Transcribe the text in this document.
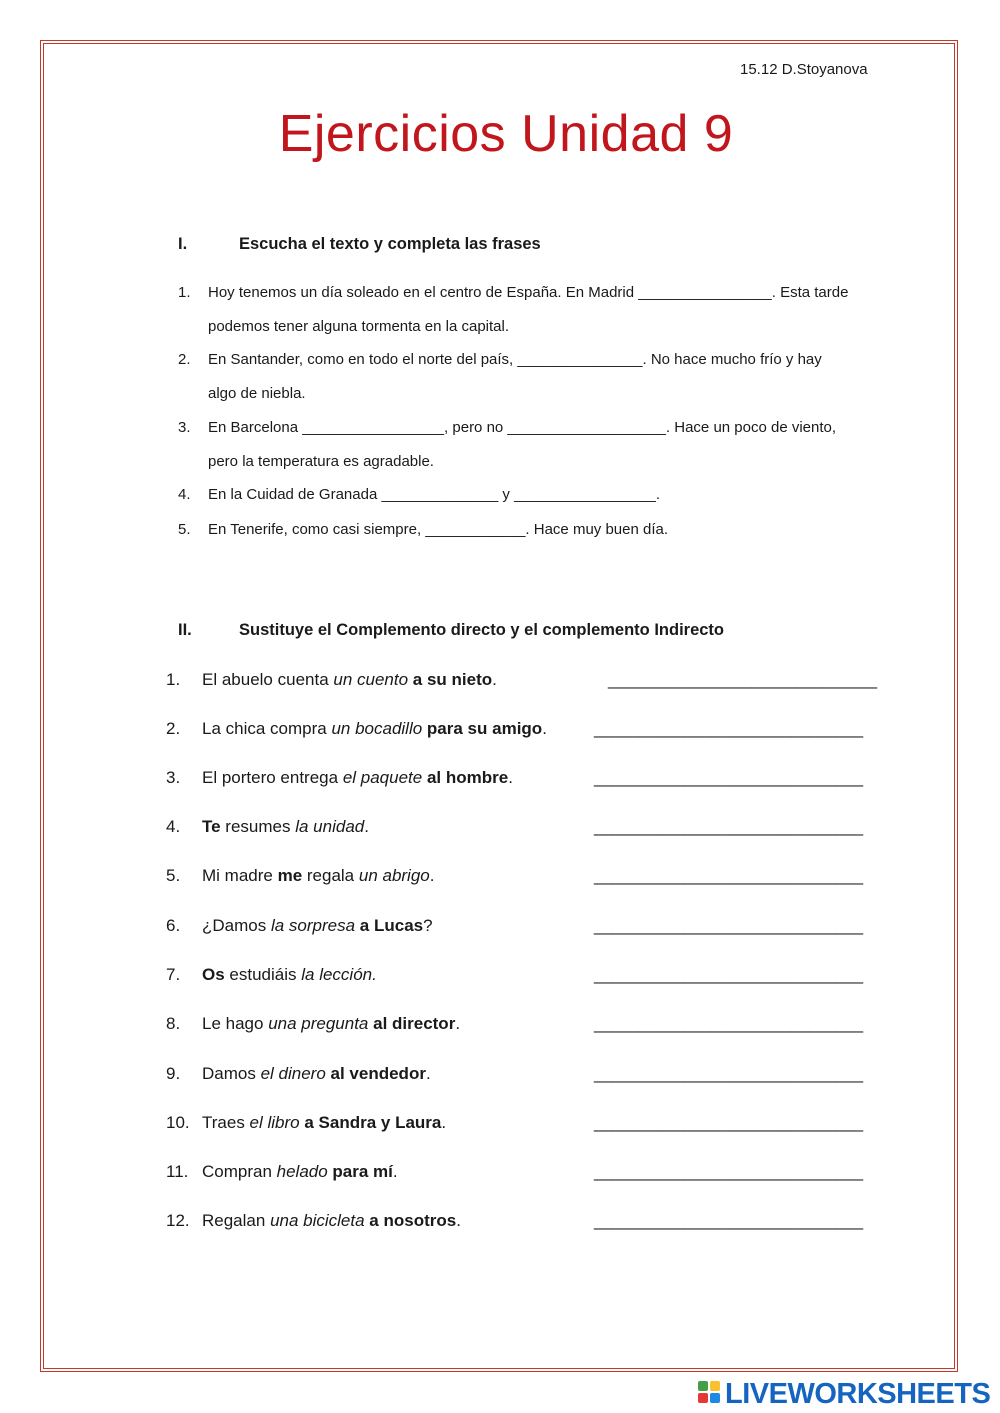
15.12 D.Stoyanova
Ejercicios Unidad 9
I.	Escucha el texto y completa las frases
1. Hoy tenemos un día soleado en el centro de España. En Madrid ________________. Esta tarde
podemos tener alguna tormenta en la capital.
2. En Santander, como en todo el norte del país, _______________. No hace mucho frío y hay
algo de niebla.
3. En Barcelona _________________, pero no ___________________. Hace un poco de viento,
pero la temperatura es agradable.
4. En la Cuidad de Granada ______________ y _________________.
5. En Tenerife, como casi siempre, ____________. Hace muy buen día.
II.	Sustituye el Complemento directo y el complemento Indirecto
1. El abuelo cuenta un cuento a su nieto.	______________________________
2. La chica compra un bocadillo para su amigo.	______________________________
3. El portero entrega el paquete al hombre.	______________________________
4. Te resumes la unidad.	______________________________
5. Mi madre me regala un abrigo.	______________________________
6. ¿Damos la sorpresa a Lucas?	______________________________
7. Os estudiáis la lección.	______________________________
8. Le hago una pregunta al director.	______________________________
9. Damos el dinero al vendedor.	______________________________
10. Traes el libro a Sandra y Laura.	______________________________
11. Compran helado para mí.	______________________________
12. Regalan una bicicleta a nosotros.	______________________________
LIVEWORKSHEETS
